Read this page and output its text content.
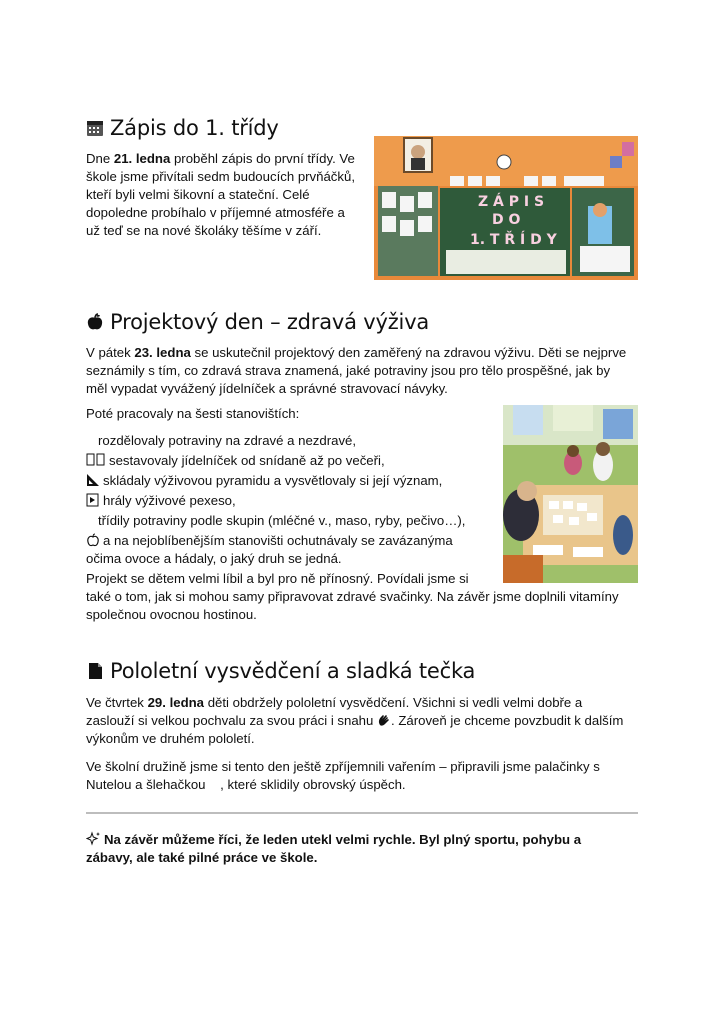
Zápis do 1. třídy
Dne 21. ledna proběhl zápis do první třídy. Ve
škole jsme přivítali sedm budoucích prvňáčků,
kteří byli velmi šikovní a stateční. Celé
dopoledne probíhalo v příjemné atmosféře a
už teď se na nové školáky těšíme v září.
Z Á P I S
D O
1. T Ř Í D Y
Projektový den – zdravá výživa
V pátek 23. ledna se uskutečnil projektový den zaměřený na zdravou výživu. Děti se nejprve
seznámily s tím, co zdravá strava znamená, jaké potraviny jsou pro tělo prospěšné, jak by
měl vypadat vyvážený jídelníček a správné stravovací návyky.
Poté pracovaly na šesti stanovištích:
rozdělovaly potraviny na zdravé a nezdravé,
sestavovaly jídelníček od snídaně až po večeři,
skládaly výživovou pyramidu a vysvětlovaly si její význam,
hrály výživové pexeso,
třídily potraviny podle skupin (mléčné v., maso, ryby, pečivo…),
a na nejoblíbenějším stanovišti ochutnávaly se zavázanýma
očima ovoce a hádaly, o jaký druh se jedná.
Projekt se dětem velmi líbil a byl pro ně přínosný. Povídali jsme si
také o tom, jak si mohou samy připravovat zdravé svačinky. Na závěr jsme doplnili vitamíny
společnou ovocnou hostinou.
Pololetní vysvědčení a sladká tečka
Ve čtvrtek 29. ledna děti obdržely pololetní vysvědčení. Všichni si vedli velmi dobře a
zaslouží si velkou pochvalu za svou práci i snahu . Zároveň je chceme povzbudit k dalším
výkonům ve druhém pololetí.
Ve školní družině jsme si tento den ještě zpříjemnili vařením – připravili jsme palačinky s
Nutelou a šlehačkou    , které sklidily obrovský úspěch.
Na závěr můžeme říci, že leden utekl velmi rychle. Byl plný sportu, pohybu a
zábavy, ale také pilné práce ve škole.
